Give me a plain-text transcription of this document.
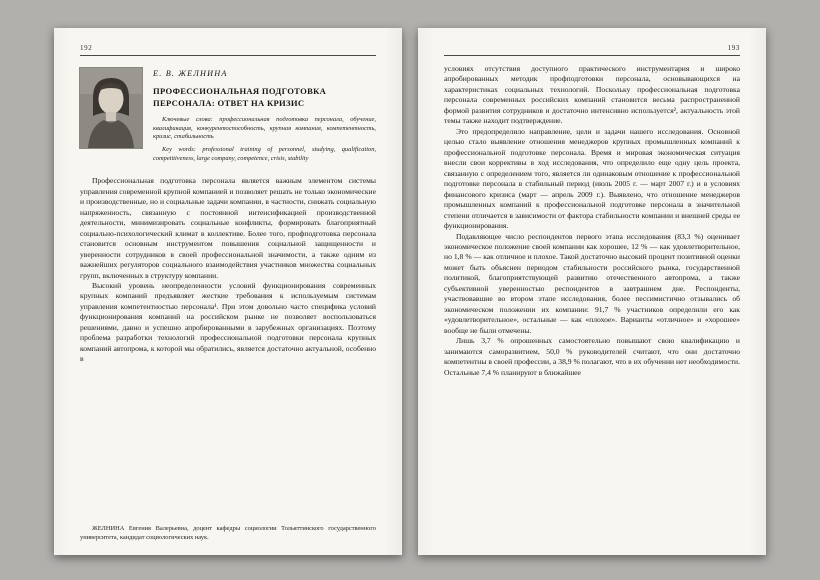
192
Е. В. ЖЕЛНИНА
ПРОФЕССИОНАЛЬНАЯ ПОДГОТОВКА ПЕРСОНАЛА: ОТВЕТ НА КРИЗИС

Ключевые слова: профессиональная подготовка персонала, обучение, квалификация, конкурентоспособность, крупная компания, компетентность, кризис, стабильность

Key words: professional training of personnel, studying, qualification, competitiveness, large company, competence, crisis, stability

Профессиональная подготовка персонала является важным элементом системы управления современной крупной компанией и позволяет решать не только экономические и производственные, но и социальные задачи компании, в частности, снижать социальную напряженность, связанную с постоянной интенсификацией производственной деятельности, минимизировать социальные конфликты, формировать благоприятный социально-психологический климат в коллективе. Более того, профподготовка персонала становится основным инструментом повышения социальной защищенности и уверенности сотрудников в своей профессиональной значимости, а также одним из важнейших регуляторов социального взаимодействия участников множества социальных групп, включенных в структуру компании.

Высокий уровень неопределенности условий функционирования современных крупных компаний предъявляет жесткие требования к используемым системам управления компетентностью персонала¹. При этом довольно часто специфика условий функционирования компаний на российском рынке не позволяет воспользоваться решениями, давно и успешно апробированными в зарубежных организациях. Поэтому проблема разработки технологий профессиональной подготовки персонала крупных компаний автопрома, к которой мы обратились, является достаточно актуальной, особенно в

ЖЕЛНИНА Евгения Валерьевна, доцент кафедры социологии Тольяттинского государственного университета, кандидат социологических наук.
193

условиях отсутствия доступного практического инструментария и широко апробированных методик профподготовки персонала, основывающихся на характеристиках социальных технологий. Поскольку профессиональная подготовка персонала современных российских компаний становится весьма распространенной формой развития сотрудников и достаточно интенсивно используется², актуальность этой темы также находит подтверждение.

Это предопределило направление, цели и задачи нашего исследования. Основной целью стало выявление отношения менеджеров крупных промышленных компаний к профессиональной подготовке персонала. Время и мировая экономическая ситуация внесли свои коррективы в ход исследования, что определило еще одну цель проекта, связанную с определением того, является ли одинаковым отношение к профессиональной подготовке персонала в стабильный период (июль 2005 г. — март 2007 г.) и в условиях финансового кризиса (март — апрель 2009 г.). Выявлено, что отношение менеджеров промышленных компаний к профессиональной подготовке персонала в значительной степени отличается в зависимости от фактора стабильности компании и внешней среды ее функционирования.

Подавляющее число респондентов первого этапа исследования (83,3 %) оценивает экономическое положение своей компании как хорошее, 12 % — как удовлетворительное, но 1,8 % — как отличное и плохое. Такой достаточно высокий процент позитивной оценки может быть объяснен периодом стабильности российского рынка, государственной политикой, благоприятствующей развитию отечественного автопрома, а также субъективной уверенностью респондентов в завтрашнем дне. Респонденты, участвовавшие во втором этапе исследования, более пессимистично отзывались об экономическом положении их компании: 91,7 % участников определили его как «удовлетворительное», остальные — как «плохое». Варианты «отличное» и «хорошее» вообще не были отмечены.

Лишь 3,7 % опрошенных самостоятельно повышают свою квалификацию и занимаются саморазвитием, 50,0 % руководителей считают, что они достаточно компетентны в своей профессии, а 38,9 % полагают, что в их обучении нет необходимости. Остальные 7,4 % планируют в ближайшее
